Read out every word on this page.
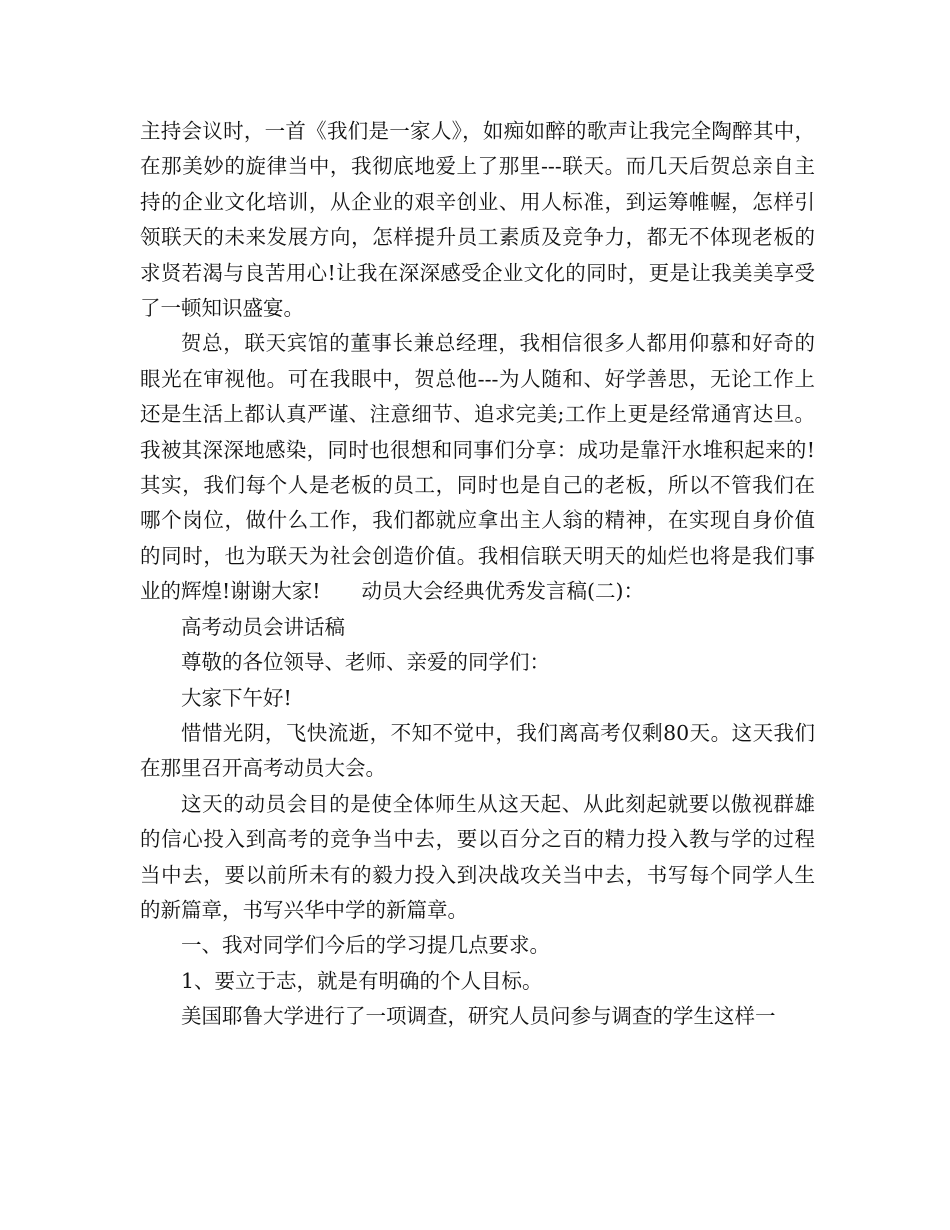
主持会议时，一首《我们是一家人》，如痴如醉的歌声让我完全陶醉其中，在那美妙的旋律当中，我彻底地爱上了那里---联天。而几天后贺总亲自主持的企业文化培训，从企业的艰辛创业、用人标准，到运筹帷幄，怎样引领联天的未来发展方向，怎样提升员工素质及竞争力，都无不体现老板的求贤若渴与良苦用心!让我在深深感受企业文化的同时，更是让我美美享受了一顿知识盛宴。

贺总，联天宾馆的董事长兼总经理，我相信很多人都用仰慕和好奇的眼光在审视他。可在我眼中，贺总他---为人随和、好学善思，无论工作上还是生活上都认真严谨、注意细节、追求完美;工作上更是经常通宵达旦。我被其深深地感染，同时也很想和同事们分享：成功是靠汗水堆积起来的!其实，我们每个人是老板的员工，同时也是自己的老板，所以不管我们在哪个岗位，做什么工作，我们都就应拿出主人翁的精神，在实现自身价值的同时，也为联天为社会创造价值。我相信联天明天的灿烂也将是我们事业的辉煌!谢谢大家!　　动员大会经典优秀发言稿(二)：

高考动员会讲话稿

尊敬的各位领导、老师、亲爱的同学们：

大家下午好!

惜惜光阴，飞快流逝，不知不觉中，我们离高考仅剩80天。这天我们在那里召开高考动员大会。

这天的动员会目的是使全体师生从这天起、从此刻起就要以傲视群雄的信心投入到高考的竞争当中去，要以百分之百的精力投入教与学的过程当中去，要以前所未有的毅力投入到决战攻关当中去，书写每个同学人生的新篇章，书写兴华中学的新篇章。

一、我对同学们今后的学习提几点要求。

1、要立于志，就是有明确的个人目标。

美国耶鲁大学进行了一项调查，研究人员问参与调查的学生这样一
